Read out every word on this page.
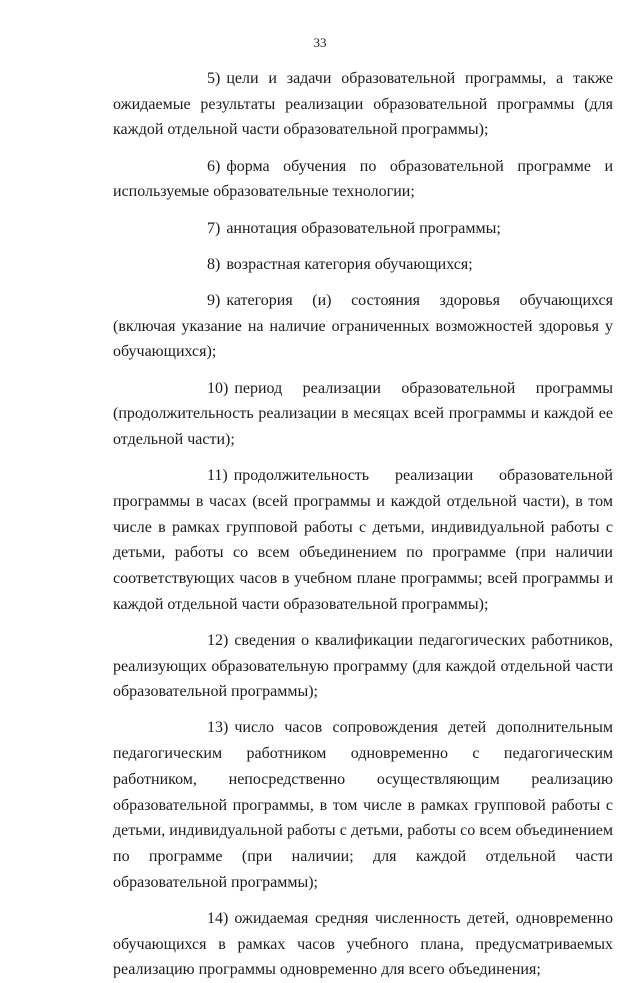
33

5) цели и задачи образовательной программы, а также ожидаемые результаты реализации образовательной программы (для каждой отдельной части образовательной программы);

6) форма обучения по образовательной программе и используемые образовательные технологии;

7) аннотация образовательной программы;

8) возрастная категория обучающихся;

9) категория (и) состояния здоровья обучающихся (включая указание на наличие ограниченных возможностей здоровья у обучающихся);

10) период реализации образовательной программы (продолжительность реализации в месяцах всей программы и каждой ее отдельной части);

11) продолжительность реализации образовательной программы в часах (всей программы и каждой отдельной части), в том числе в рамках групповой работы с детьми, индивидуальной работы с детьми, работы со всем объединением по программе (при наличии соответствующих часов в учебном плане программы; всей программы и каждой отдельной части образовательной программы);

12) сведения о квалификации педагогических работников, реализующих образовательную программу (для каждой отдельной части образовательной программы);

13) число часов сопровождения детей дополнительным педагогическим работником одновременно с педагогическим работником, непосредственно осуществляющим реализацию образовательной программы, в том числе в рамках групповой работы с детьми, индивидуальной работы с детьми, работы со всем объединением по программе (при наличии; для каждой отдельной части образовательной программы);

14) ожидаемая средняя численность детей, одновременно обучающихся в рамках часов учебного плана, предусматриваемых реализацию программы одновременно для всего объединения;
